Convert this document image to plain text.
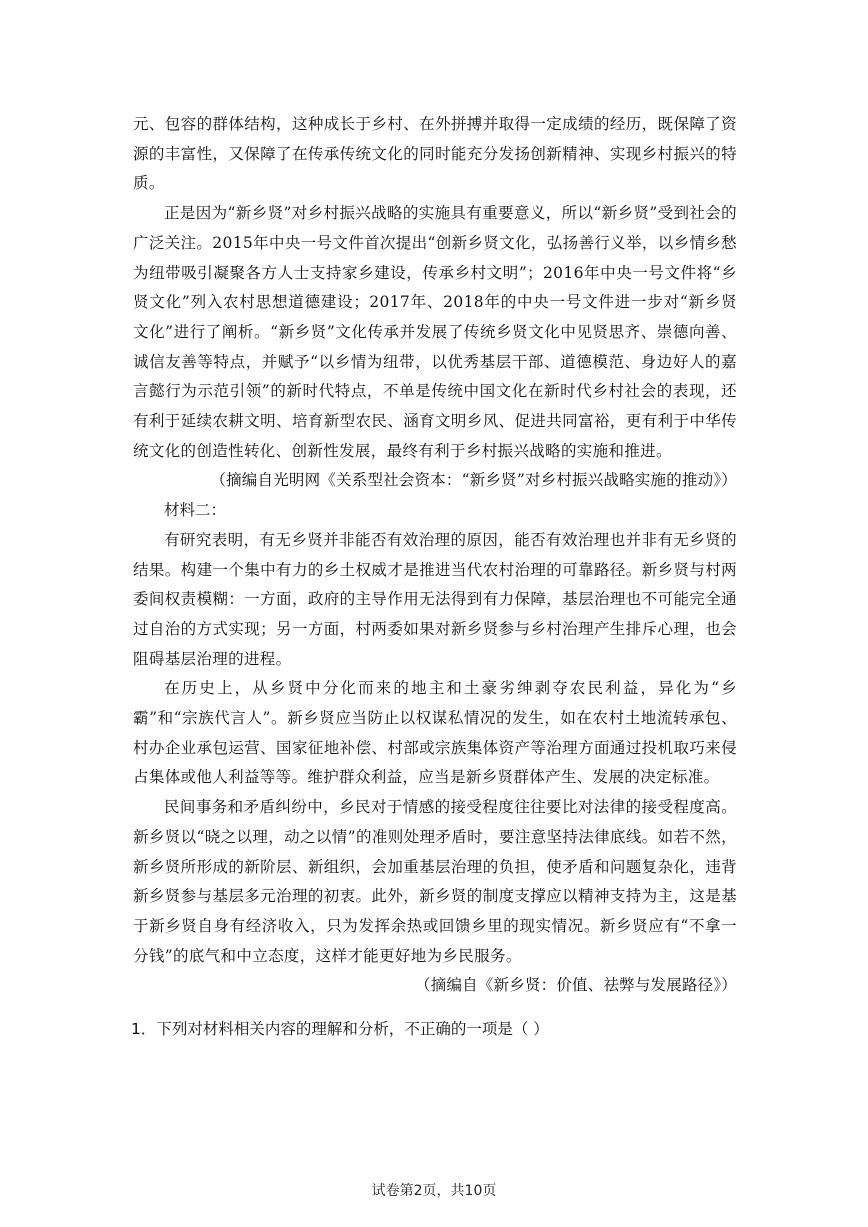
元、包容的群体结构，这种成长于乡村、在外拼搏并取得一定成绩的经历，既保障了资源的丰富性，又保障了在传承传统文化的同时能充分发扬创新精神、实现乡村振兴的特质。

正是因为“新乡贤”对乡村振兴战略的实施具有重要意义，所以“新乡贤”受到社会的广泛关注。2015年中央一号文件首次提出“创新乡贤文化，弘扬善行义举，以乡情乡愁为纽带吸引凝聚各方人士支持家乡建设，传承乡村文明”；2016年中央一号文件将“乡贤文化”列入农村思想道德建设；2017年、2018年的中央一号文件进一步对“新乡贤文化”进行了阐析。“新乡贤”文化传承并发展了传统乡贤文化中见贤思齐、崇德向善、诚信友善等特点，并赋予“以乡情为纽带，以优秀基层干部、道德模范、身边好人的嘉言懿行为示范引领”的新时代特点，不单是传统中国文化在新时代乡村社会的表现，还有利于延续农耕文明、培育新型农民、涵育文明乡风、促进共同富裕，更有利于中华传统文化的创造性转化、创新性发展，最终有利于乡村振兴战略的实施和推进。

（摘编自光明网《关系型社会资本：“新乡贤”对乡村振兴战略实施的推动》）

材料二：

有研究表明，有无乡贤并非能否有效治理的原因，能否有效治理也并非有无乡贤的结果。构建一个集中有力的乡土权威才是推进当代农村治理的可靠路径。新乡贤与村两委间权责模糊：一方面，政府的主导作用无法得到有力保障，基层治理也不可能完全通过自治的方式实现；另一方面，村两委如果对新乡贤参与乡村治理产生排斥心理，也会阻碍基层治理的进程。

在历史上，从乡贤中分化而来的地主和土豪劣绅剥夺农民利益，异化为“乡霸”和“宗族代言人”。新乡贤应当防止以权谋私情况的发生，如在农村土地流转承包、村办企业承包运营、国家征地补偿、村部或宗族集体资产等治理方面通过投机取巧来侵占集体或他人利益等等。维护群众利益，应当是新乡贤群体产生、发展的决定标准。

民间事务和矛盾纠纷中，乡民对于情感的接受程度往往要比对法律的接受程度高。新乡贤以“晓之以理，动之以情”的准则处理矛盾时，要注意坚持法律底线。如若不然，新乡贤所形成的新阶层、新组织，会加重基层治理的负担，使矛盾和问题复杂化，违背新乡贤参与基层多元治理的初衷。此外，新乡贤的制度支撑应以精神支持为主，这是基于新乡贤自身有经济收入，只为发挥余热或回馈乡里的现实情况。新乡贤应有“不拿一分钱”的底气和中立态度，这样才能更好地为乡民服务。

（摘编自《新乡贤：价值、祛弊与发展路径》）

1．下列对材料相关内容的理解和分析，不正确的一项是（ ）

试卷第2页，共10页
